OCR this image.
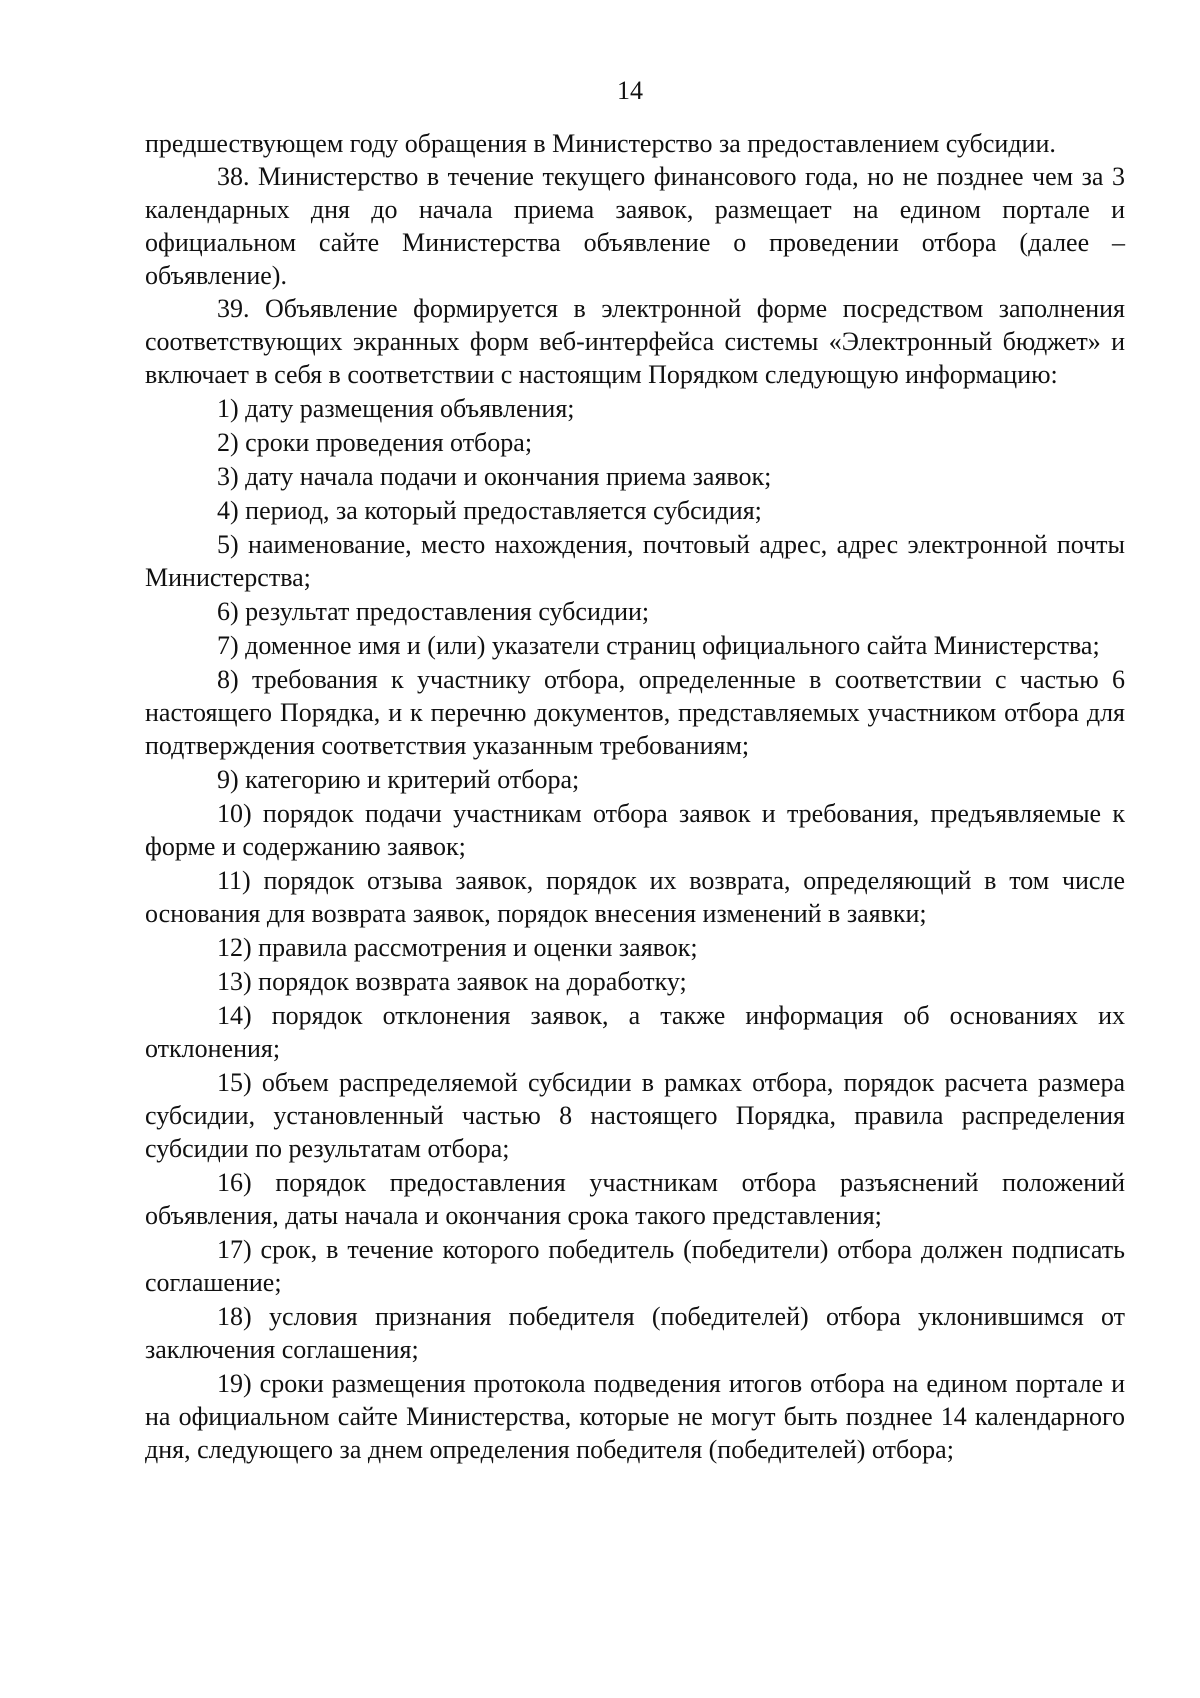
14

предшествующем году обращения в Министерство за предоставлением субсидии.

38. Министерство в течение текущего финансового года, но не позднее чем за 3 календарных дня до начала приема заявок, размещает на едином портале и официальном сайте Министерства объявление о проведении отбора (далее – объявление).

39. Объявление формируется в электронной форме посредством заполнения соответствующих экранных форм веб-интерфейса системы «Электронный бюджет» и включает в себя в соответствии с настоящим Порядком следующую информацию:

1) дату размещения объявления;

2) сроки проведения отбора;

3) дату начала подачи и окончания приема заявок;

4) период, за который предоставляется субсидия;

5) наименование, место нахождения, почтовый адрес, адрес электронной почты Министерства;

6) результат предоставления субсидии;

7) доменное имя и (или) указатели страниц официального сайта Министерства;

8) требования к участнику отбора, определенные в соответствии с частью 6 настоящего Порядка, и к перечню документов, представляемых участником отбора для подтверждения соответствия указанным требованиям;

9) категорию и критерий отбора;

10) порядок подачи участникам отбора заявок и требования, предъявляемые к форме и содержанию заявок;

11) порядок отзыва заявок, порядок их возврата, определяющий в том числе основания для возврата заявок, порядок внесения изменений в заявки;

12) правила рассмотрения и оценки заявок;

13) порядок возврата заявок на доработку;

14) порядок отклонения заявок, а также информация об основаниях их отклонения;

15) объем распределяемой субсидии в рамках отбора, порядок расчета размера субсидии, установленный частью 8 настоящего Порядка, правила распределения субсидии по результатам отбора;

16) порядок предоставления участникам отбора разъяснений положений объявления, даты начала и окончания срока такого представления;

17) срок, в течение которого победитель (победители) отбора должен подписать соглашение;

18) условия признания победителя (победителей) отбора уклонившимся от заключения соглашения;

19) сроки размещения протокола подведения итогов отбора на едином портале и на официальном сайте Министерства, которые не могут быть позднее 14 календарного дня, следующего за днем определения победителя (победителей) отбора;
